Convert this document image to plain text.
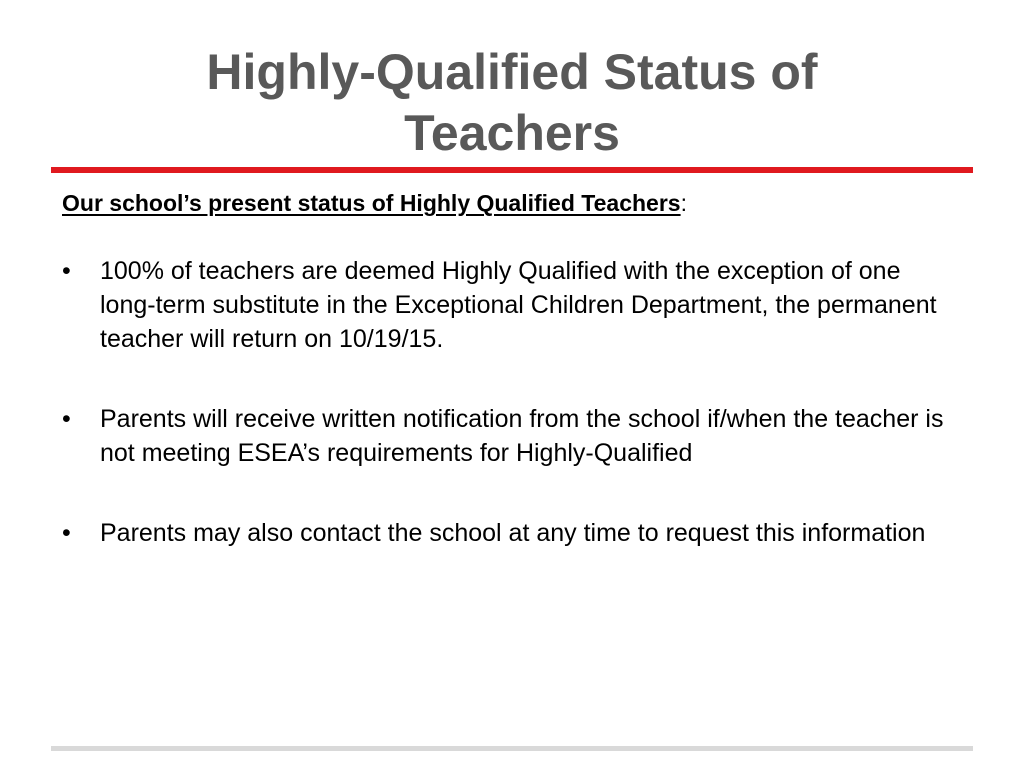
Highly-Qualified Status of
Teachers

Our school’s present status of Highly Qualified Teachers:

• 100% of teachers are deemed Highly Qualified with the exception of one long-term substitute in the Exceptional Children Department, the permanent teacher will return on 10/19/15.
• Parents will receive written notification from the school if/when the teacher is not meeting ESEA’s requirements for Highly-Qualified
• Parents may also contact the school at any time to request this information
